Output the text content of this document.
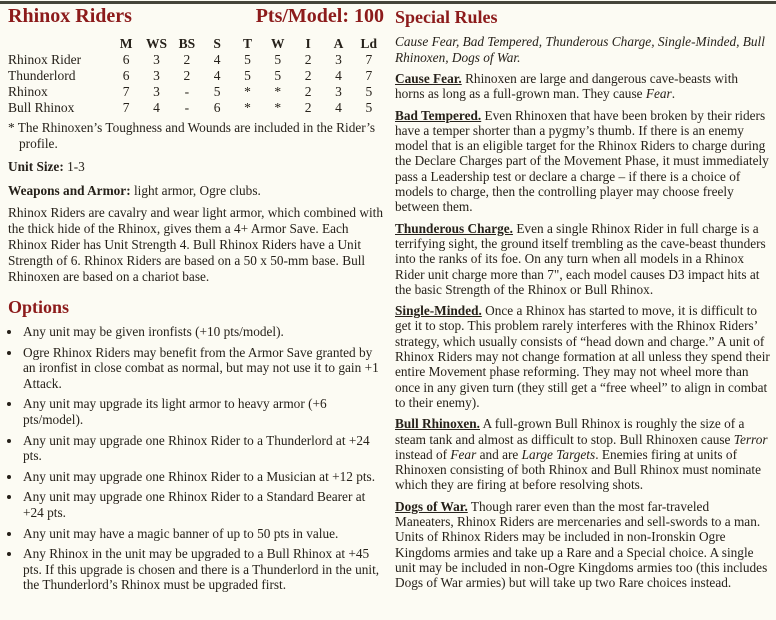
Rhinox Riders	Pts/Model: 100
	M	WS	BS	S	T	W	I	A	Ld
Rhinox Rider	6	3	2	4	5	5	2	3	7
Thunderlord	6	3	2	4	5	5	2	4	7
Rhinox	7	3	-	5	*	*	2	3	5
Bull Rhinox	7	4	-	6	*	*	2	4	5

* The Rhinoxen’s Toughness and Wounds are included in the Rider’s profile.

Unit Size: 1-3

Weapons and Armor: light armor, Ogre clubs.

Rhinox Riders are cavalry and wear light armor, which combined with the thick hide of the Rhinox, gives them a 4+ Armor Save. Each Rhinox Rider has Unit Strength 4. Bull Rhinox Riders have a Unit Strength of 6. Rhinox Riders are based on a 50 x 50-mm base. Bull Rhinoxen are based on a chariot base.

Options
• Any unit may be given ironfists (+10 pts/model).
• Ogre Rhinox Riders may benefit from the Armor Save granted by an ironfist in close combat as normal, but may not use it to gain +1 Attack.
• Any unit may upgrade its light armor to heavy armor (+6 pts/model).
• Any unit may upgrade one Rhinox Rider to a Thunderlord at +24 pts.
• Any unit may upgrade one Rhinox Rider to a Musician at +12 pts.
• Any unit may upgrade one Rhinox Rider to a Standard Bearer at +24 pts.
• Any unit may have a magic banner of up to 50 pts in value.
• Any Rhinox in the unit may be upgraded to a Bull Rhinox at +45 pts. If this upgrade is chosen and there is a Thunderlord in the unit, the Thunderlord’s Rhinox must be upgraded first.
Special Rules

Cause Fear, Bad Tempered, Thunderous Charge, Single-Minded, Bull Rhinoxen, Dogs of War.

Cause Fear. Rhinoxen are large and dangerous cave-beasts with horns as long as a full-grown man. They cause Fear.

Bad Tempered. Even Rhinoxen that have been broken by their riders have a temper shorter than a pygmy’s thumb. If there is an enemy model that is an eligible target for the Rhinox Riders to charge during the Declare Charges part of the Movement Phase, it must immediately pass a Leadership test or declare a charge – if there is a choice of models to charge, then the controlling player may choose freely between them.

Thunderous Charge. Even a single Rhinox Rider in full charge is a terrifying sight, the ground itself trembling as the cave-beast thunders into the ranks of its foe. On any turn when all models in a Rhinox Rider unit charge more than 7", each model causes D3 impact hits at the basic Strength of the Rhinox or Bull Rhinox.

Single-Minded. Once a Rhinox has started to move, it is difficult to get it to stop. This problem rarely interferes with the Rhinox Riders’ strategy, which usually consists of “head down and charge.” A unit of Rhinox Riders may not change formation at all unless they spend their entire Movement phase reforming. They may not wheel more than once in any given turn (they still get a “free wheel” to align in combat to their enemy).

Bull Rhinoxen. A full-grown Bull Rhinox is roughly the size of a steam tank and almost as difficult to stop. Bull Rhinoxen cause Terror instead of Fear and are Large Targets. Enemies firing at units of Rhinoxen consisting of both Rhinox and Bull Rhinox must nominate which they are firing at before resolving shots.

Dogs of War. Though rarer even than the most far-traveled Maneaters, Rhinox Riders are mercenaries and sell-swords to a man. Units of Rhinox Riders may be included in non-Ironskin Ogre Kingdoms armies and take up a Rare and a Special choice. A single unit may be included in non-Ogre Kingdoms armies too (this includes Dogs of War armies) but will take up two Rare choices instead.
